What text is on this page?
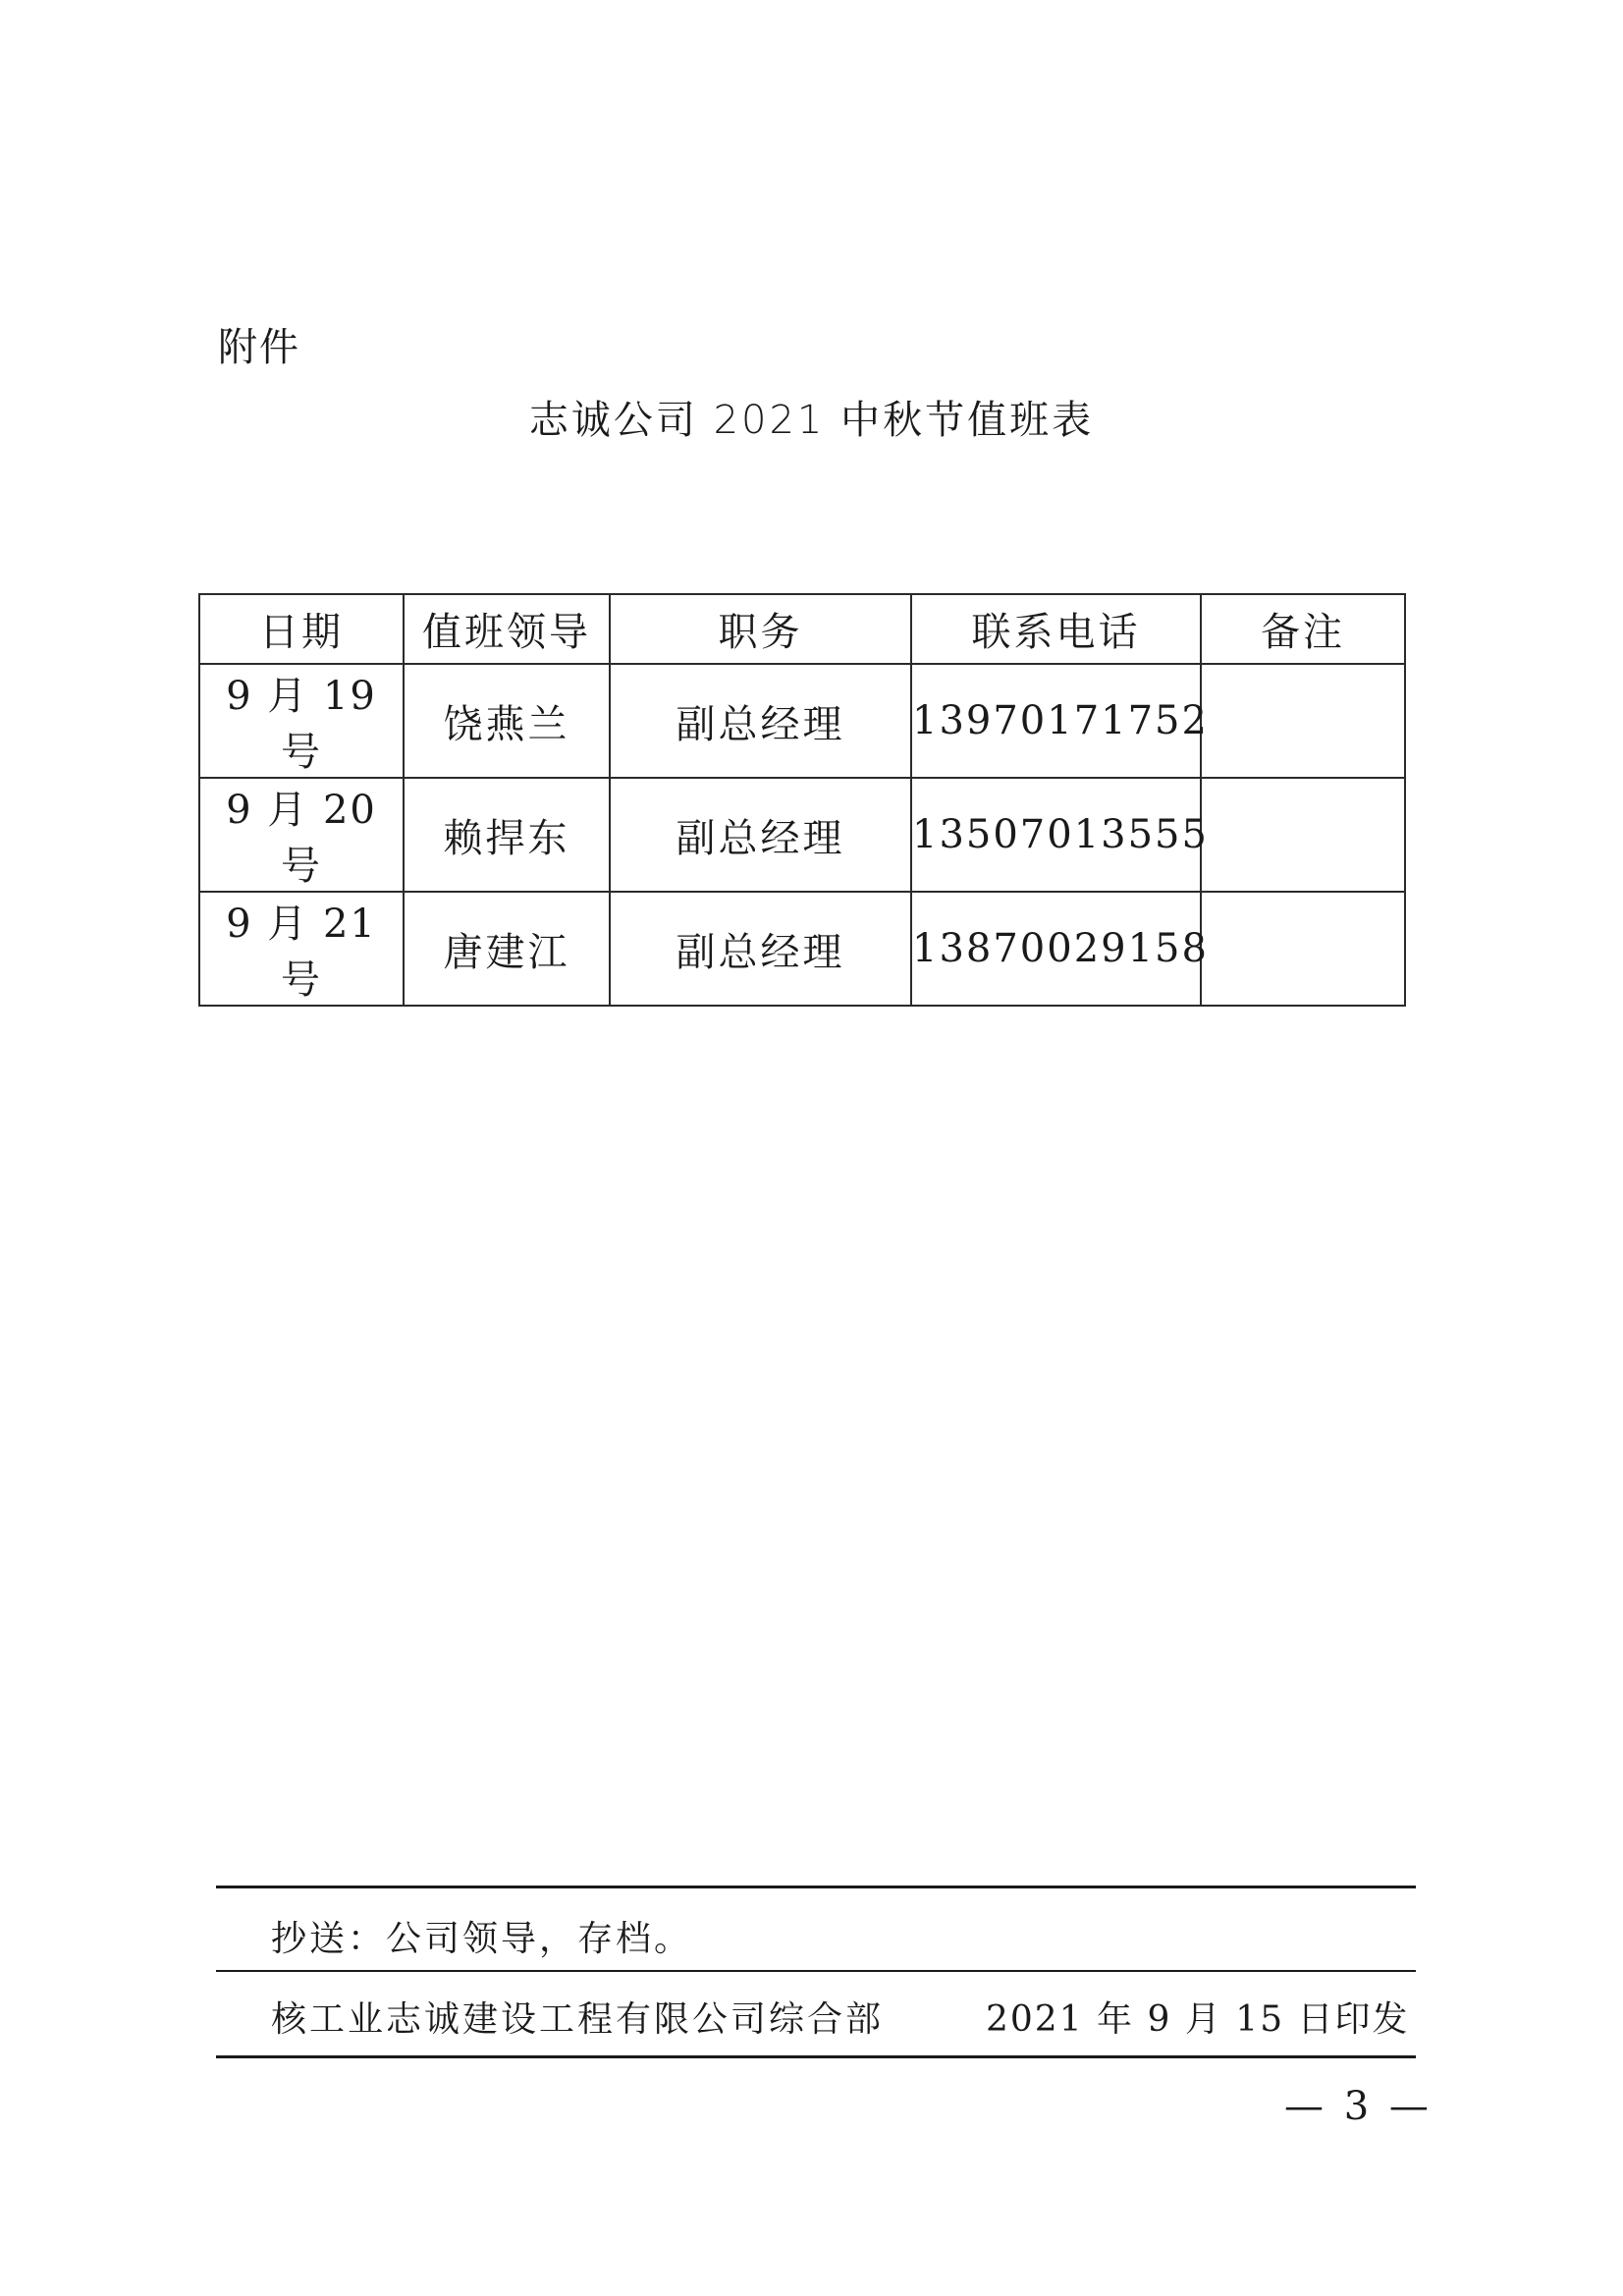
附件
志诚公司 2021 中秋节值班表
日期	值班领导	职务	联系电话	备注
9 月 19 号	饶燕兰	副总经理	13970171752	
9 月 20 号	赖捍东	副总经理	13507013555	
9 月 21 号	唐建江	副总经理	13870029158	
抄送：公司领导，存档。
核工业志诚建设工程有限公司综合部	2021 年 9 月 15 日印发
— 3 —
